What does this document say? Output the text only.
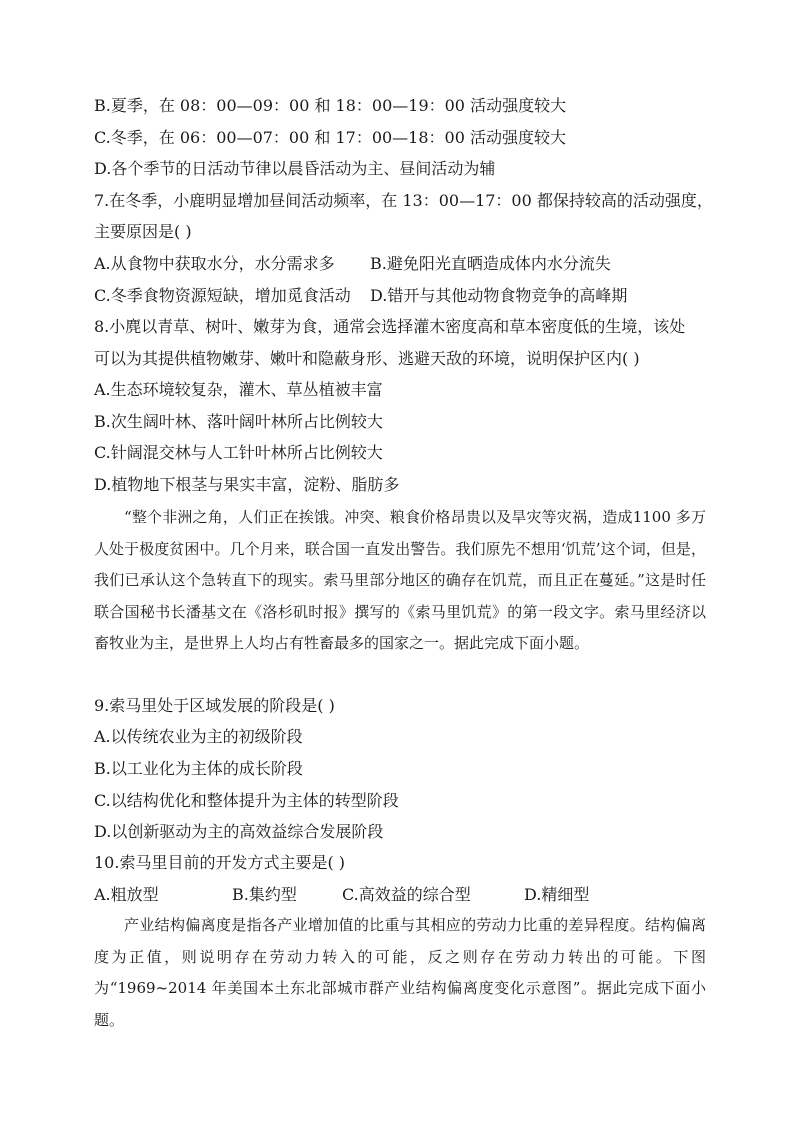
B.夏季，在 08：00—09：00 和 18：00—19：00 活动强度较大
C.冬季，在 06：00—07：00 和 17：00—18：00 活动强度较大
D.各个季节的日活动节律以晨昏活动为主、昼间活动为辅
7.在冬季，小鹿明显增加昼间活动频率，在 13：00—17：00 都保持较高的活动强度，
主要原因是( )
A.从食物中获取水分，水分需求多 B.避免阳光直晒造成体内水分流失
C.冬季食物资源短缺，增加觅食活动 D.错开与其他动物食物竞争的高峰期
8.小麂以青草、树叶、嫩芽为食，通常会选择灌木密度高和草本密度低的生境，该处
可以为其提供植物嫩芽、嫩叶和隐蔽身形、逃避天敌的环境，说明保护区内( )
A.生态环境较复杂，灌木、草丛植被丰富
B.次生阔叶林、落叶阔叶林所占比例较大
C.针阔混交林与人工针叶林所占比例较大
D.植物地下根茎与果实丰富，淀粉、脂肪多
“整个非洲之角，人们正在挨饿。冲突、粮食价格昂贵以及旱灾等灾祸，造成1100 多万人处于极度贫困中。几个月来，联合国一直发出警告。我们原先不想用‘饥荒’这个词，但是，我们已承认这个急转直下的现实。索马里部分地区的确存在饥荒，而且正在蔓延。”这是时任联合国秘书长潘基文在《洛杉矶时报》撰写的《索马里饥荒》的第一段文字。索马里经济以畜牧业为主，是世界上人均占有牲畜最多的国家之一。据此完成下面小题。
9.索马里处于区域发展的阶段是( )
A.以传统农业为主的初级阶段
B.以工业化为主体的成长阶段
C.以结构优化和整体提升为主体的转型阶段
D.以创新驱动为主的高效益综合发展阶段
10.索马里目前的开发方式主要是( )
A.粗放型	B.集约型	C.高效益的综合型	D.精细型
产业结构偏离度是指各产业增加值的比重与其相应的劳动力比重的差异程度。结构偏离度为正值，则说明存在劳动力转入的可能，反之则存在劳动力转出的可能。下图为“1969~2014 年美国本土东北部城市群产业结构偏离度变化示意图”。据此完成下面小题。
